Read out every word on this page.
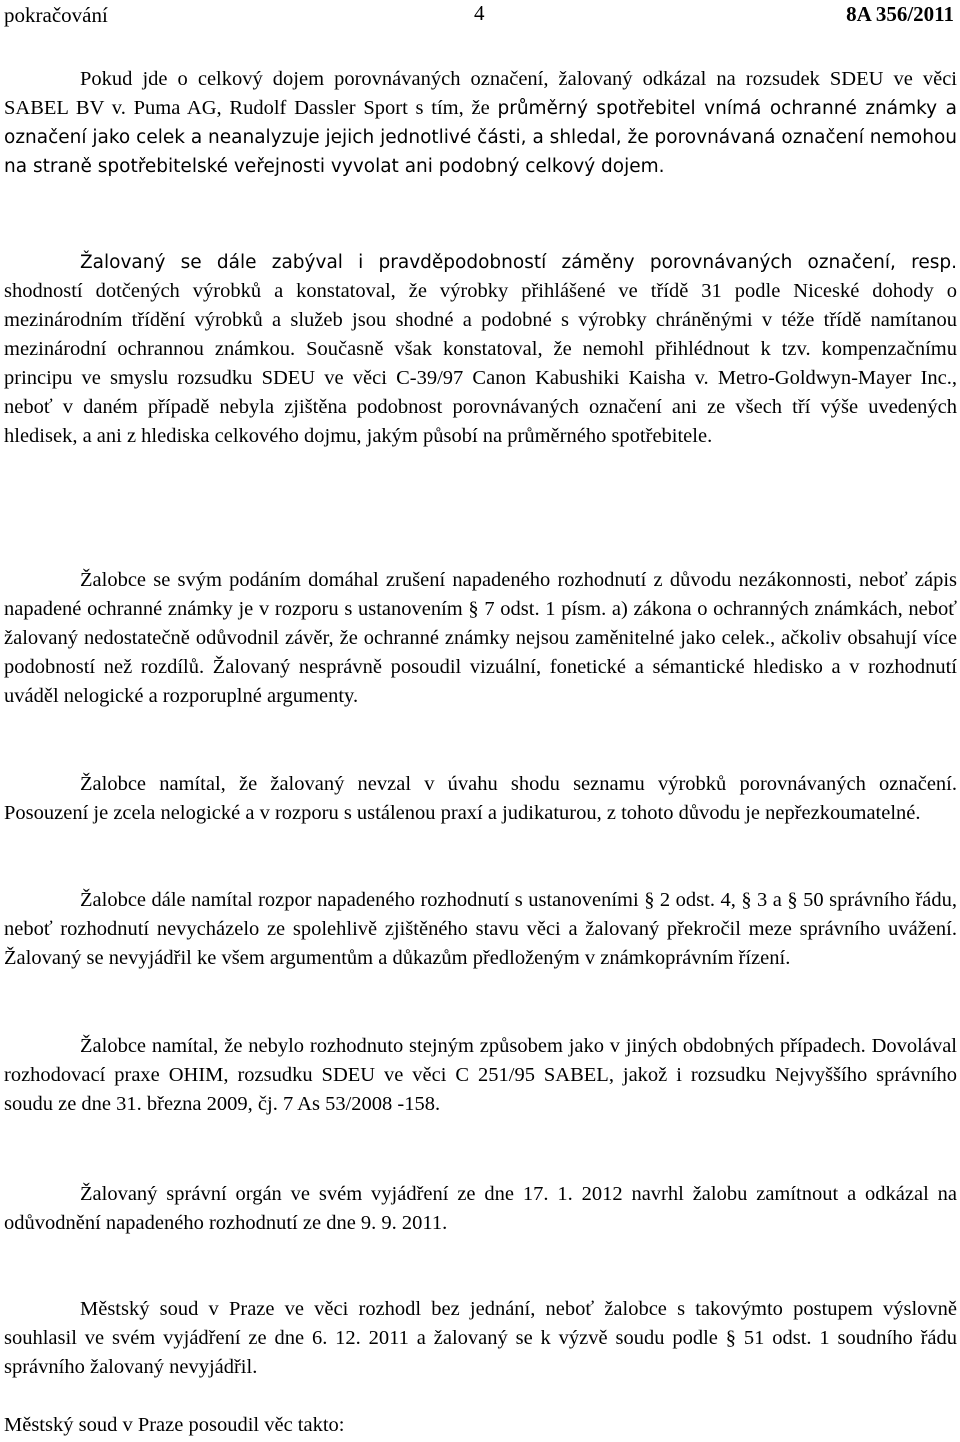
pokračování	4	8A 356/2011

Pokud jde o celkový dojem porovnávaných označení, žalovaný odkázal na rozsudek SDEU ve věci SABEL BV v. Puma AG, Rudolf Dassler Sport s tím, že průměrný spotřebitel vnímá ochranné známky a označení jako celek a neanalyzuje jejich jednotlivé části, a shledal, že porovnávaná označení nemohou na straně spotřebitelské veřejnosti vyvolat ani podobný celkový dojem.

Žalovaný se dále zabýval i pravděpodobností záměny porovnávaných označení, resp. shodností dotčených výrobků a konstatoval, že výrobky přihlášené ve třídě 31 podle Niceské dohody o mezinárodním třídění výrobků a služeb jsou shodné a podobné s výrobky chráněnými v téže třídě namítanou mezinárodní ochrannou známkou. Současně však konstatoval, že nemohl přihlédnout k tzv. kompenzačnímu principu ve smyslu rozsudku SDEU ve věci C-39/97 Canon Kabushiki Kaisha v. Metro-Goldwyn-Mayer Inc., neboť v daném případě nebyla zjištěna podobnost porovnávaných označení ani ze všech tří výše uvedených hledisek, a ani z hlediska celkového dojmu, jakým působí na průměrného spotřebitele.

Žalobce se svým podáním domáhal zrušení napadeného rozhodnutí z důvodu nezákonnosti, neboť zápis napadené ochranné známky je v rozporu s ustanovením § 7 odst. 1 písm. a) zákona o ochranných známkách, neboť žalovaný nedostatečně odůvodnil závěr, že ochranné známky nejsou zaměnitelné jako celek., ačkoliv obsahují více podobností než rozdílů. Žalovaný nesprávně posoudil vizuální, fonetické a sémantické hledisko a v rozhodnutí uváděl nelogické a rozporuplné argumenty.

Žalobce namítal, že žalovaný nevzal v úvahu shodu seznamu výrobků porovnávaných označení. Posouzení je zcela nelogické a v rozporu s ustálenou praxí a judikaturou, z tohoto důvodu je nepřezkoumatelné.

Žalobce dále namítal rozpor napadeného rozhodnutí s ustanoveními § 2 odst. 4, § 3 a § 50 správního řádu, neboť rozhodnutí nevycházelo ze spolehlivě zjištěného stavu věci a žalovaný překročil meze správního uvážení. Žalovaný se nevyjádřil ke všem argumentům a důkazům předloženým v známkoprávním řízení.

Žalobce namítal, že nebylo rozhodnuto stejným způsobem jako v jiných obdobných případech. Dovolával rozhodovací praxe OHIM, rozsudku SDEU ve věci C 251/95 SABEL, jakož i rozsudku Nejvyššího správního soudu ze dne 31. března 2009, čj. 7 As 53/2008 -158.

Žalovaný správní orgán ve svém vyjádření ze dne 17. 1. 2012 navrhl žalobu zamítnout a odkázal na odůvodnění napadeného rozhodnutí ze dne 9. 9. 2011.

Městský soud v Praze ve věci rozhodl bez jednání, neboť žalobce s takovýmto postupem výslovně souhlasil ve svém vyjádření ze dne 6. 12. 2011 a žalovaný se k výzvě soudu podle § 51 odst. 1 soudního řádu správního žalovaný nevyjádřil.

Městský soud v Praze posoudil věc takto:
